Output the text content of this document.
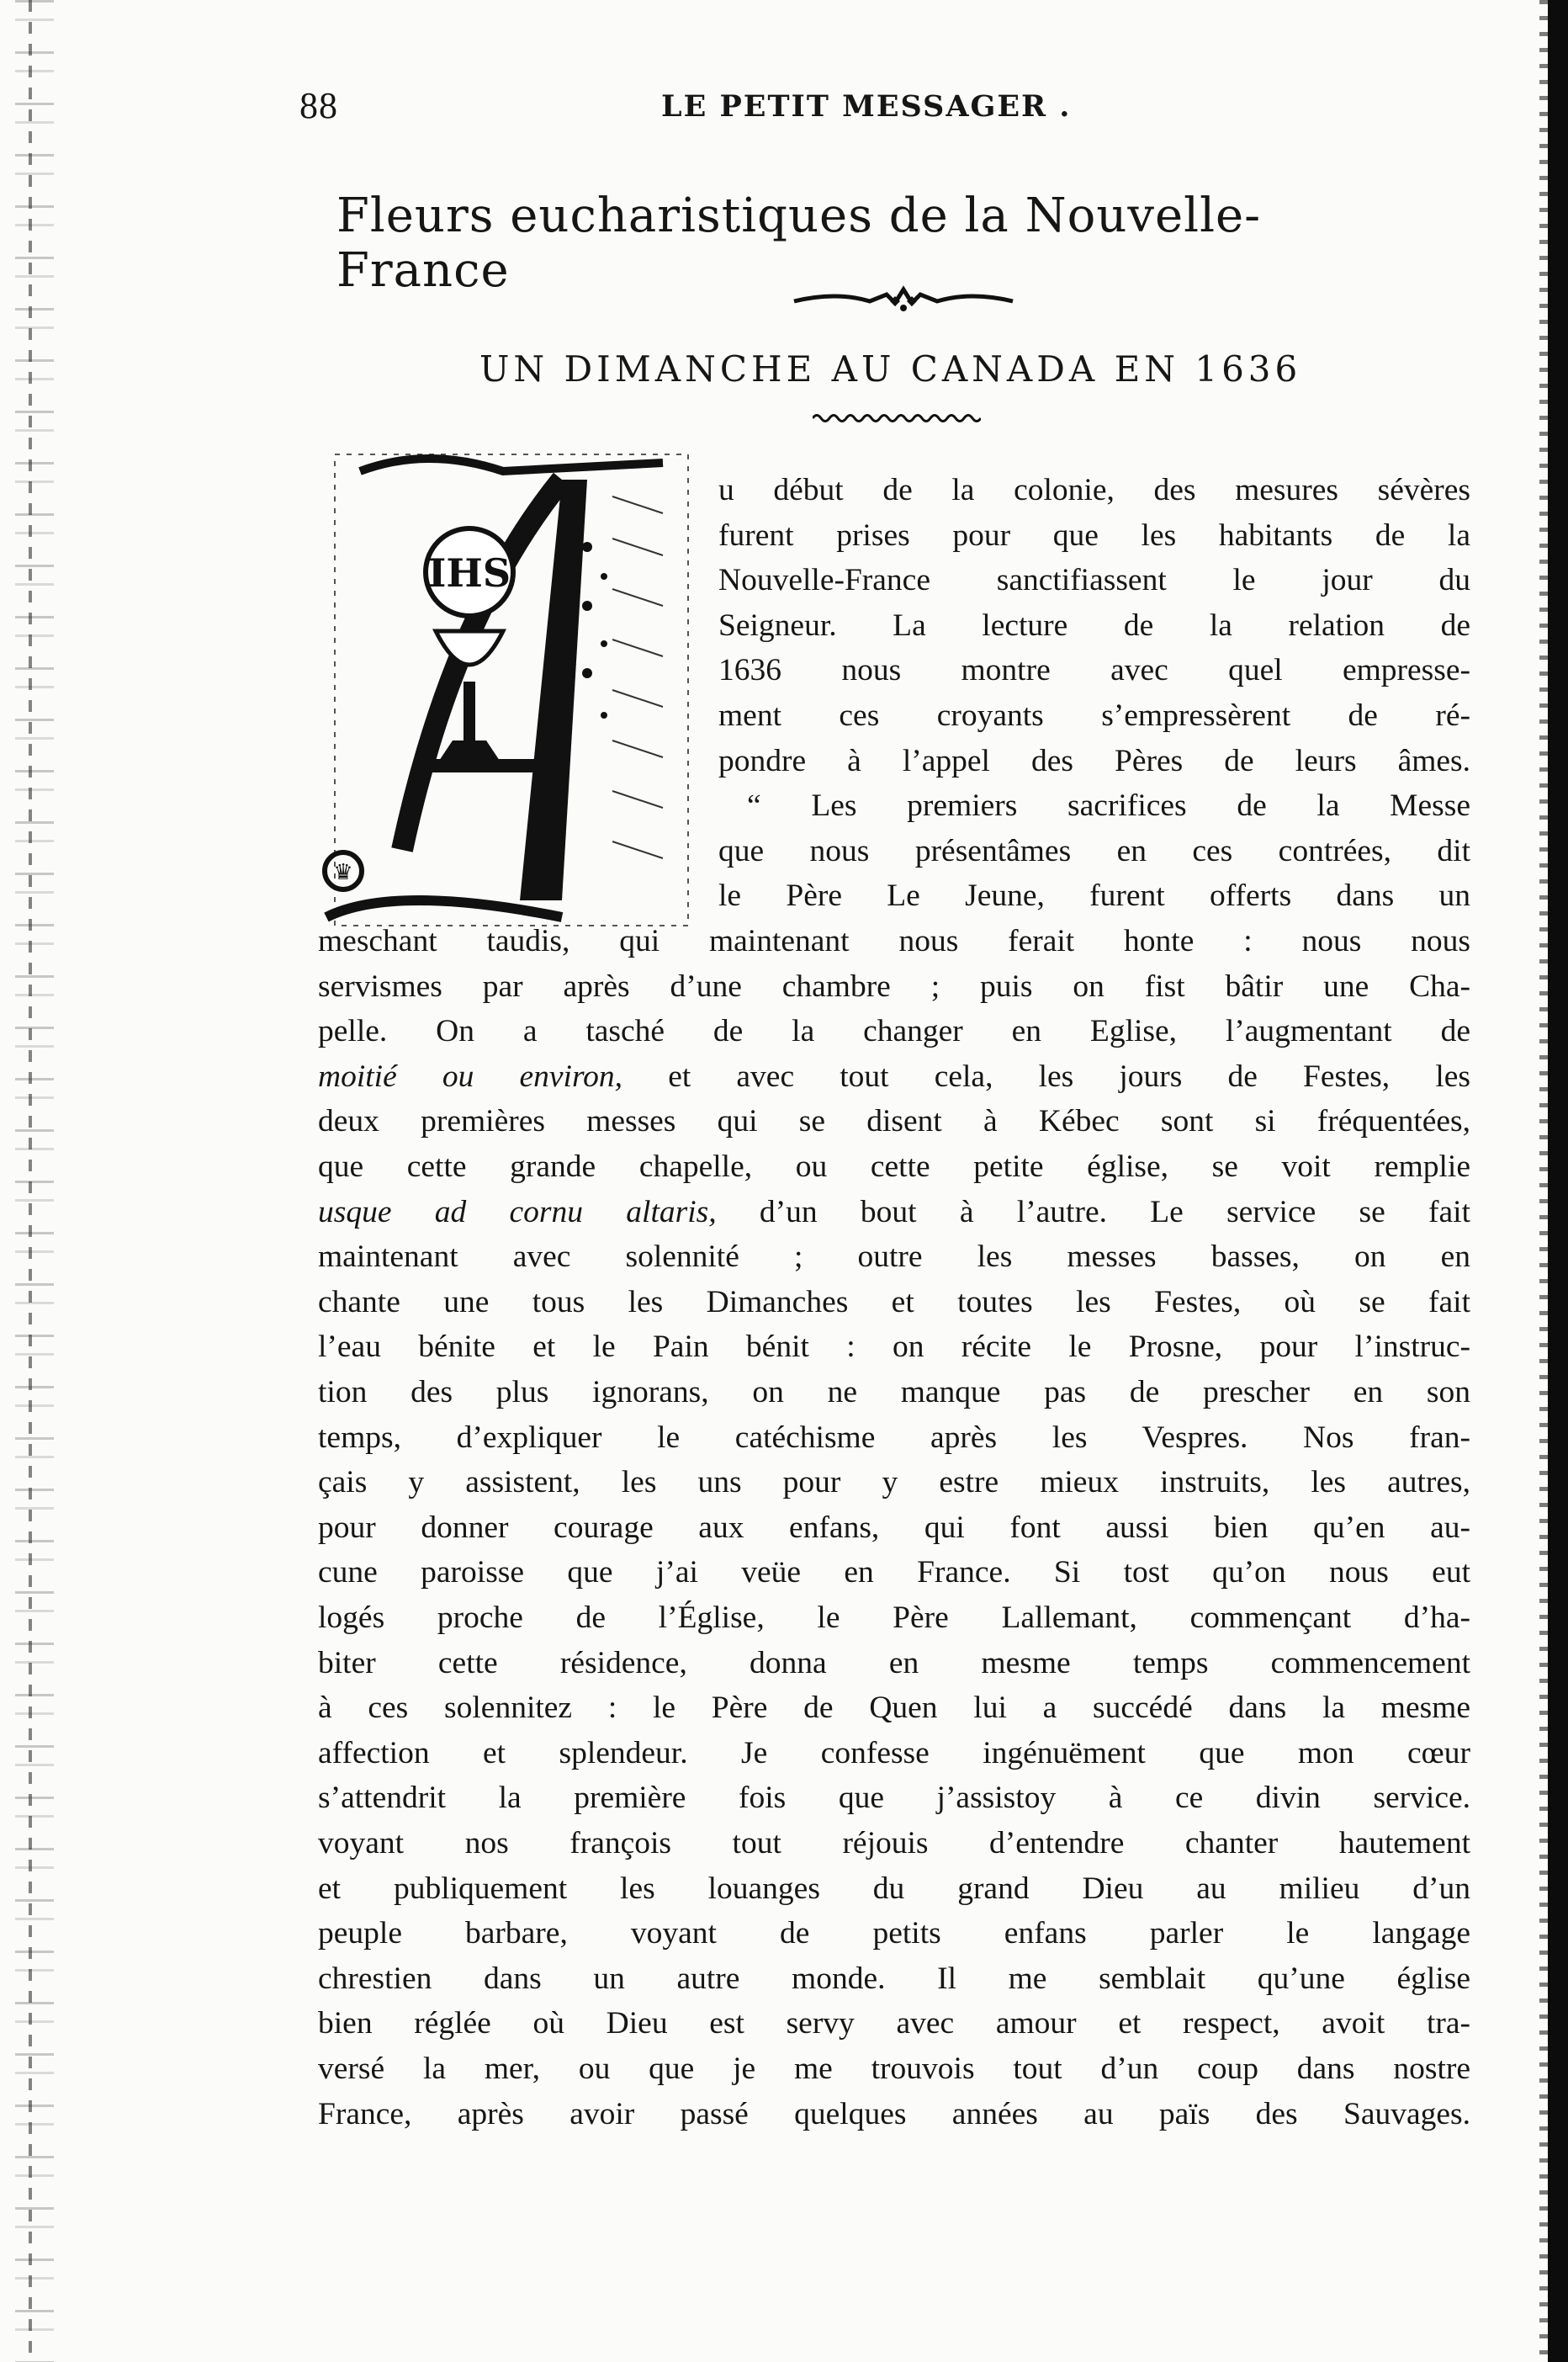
88	LE PETIT MESSAGER .
Fleurs eucharistiques de la Nouvelle-France
UN DIMANCHE AU CANADA EN 1636
IHS
♛
u début de la colonie, des mesures sévères
furent prises pour que les habitants de la
Nouvelle-France sanctifiassent le jour du
Seigneur. La lecture de la relation de
1636 nous montre avec quel empresse-
ment ces croyants s’empressèrent de ré-
pondre à l’appel des Pères de leurs âmes.
“ Les premiers sacrifices de la Messe
que nous présentâmes en ces contrées, dit
le Père Le Jeune, furent offerts dans un
meschant taudis, qui maintenant nous ferait honte : nous nous
servismes par après d’une chambre ; puis on fist bâtir une Cha-
pelle. On a tasché de la changer en Eglise, l’augmentant de
moitié ou environ, et avec tout cela, les jours de Festes, les
deux premières messes qui se disent à Kébec sont si fréquentées,
que cette grande chapelle, ou cette petite église, se voit remplie
usque ad cornu altaris, d’un bout à l’autre. Le service se fait
maintenant avec solennité ; outre les messes basses, on en
chante une tous les Dimanches et toutes les Festes, où se fait
l’eau bénite et le Pain bénit : on récite le Prosne, pour l’instruc-
tion des plus ignorans, on ne manque pas de prescher en son
temps, d’expliquer le catéchisme après les Vespres. Nos fran-
çais y assistent, les uns pour y estre mieux instruits, les autres,
pour donner courage aux enfans, qui font aussi bien qu’en au-
cune paroisse que j’ai veüe en France. Si tost qu’on nous eut
logés proche de l’Église, le Père Lallemant, commençant d’ha-
biter cette résidence, donna en mesme temps commencement
à ces solennitez : le Père de Quen lui a succédé dans la mesme
affection et splendeur. Je confesse ingénuëment que mon cœur
s’attendrit la première fois que j’assistoy à ce divin service.
voyant nos françois tout réjouis d’entendre chanter hautement
et publiquement les louanges du grand Dieu au milieu d’un
peuple barbare, voyant de petits enfans parler le langage
chrestien dans un autre monde. Il me semblait qu’une église
bien réglée où Dieu est servy avec amour et respect, avoit tra-
versé la mer, ou que je me trouvois tout d’un coup dans nostre
France, après avoir passé quelques années au païs des Sauvages.
